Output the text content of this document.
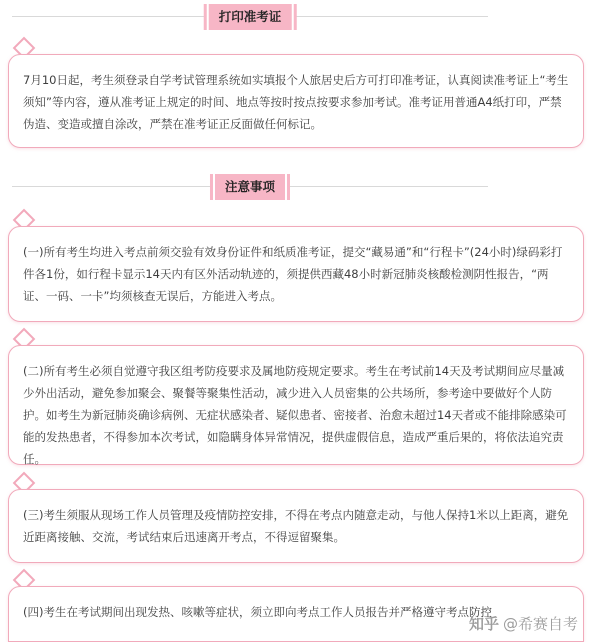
打印准考证
7月10日起，考生须登录自学考试管理系统如实填报个人旅居史后方可打印准考证，认真阅读准考证上“考生须知”等内容，遵从准考证上规定的时间、地点等按时按点按要求参加考试。准考证用普通A4纸打印，严禁伪造、变造或擅自涂改，严禁在准考证正反面做任何标记。
注意事项
(一)所有考生均进入考点前须交验有效身份证件和纸质准考证，提交“藏易通”和“行程卡”(24小时)绿码彩打件各1份，如行程卡显示14天内有区外活动轨迹的，须提供西藏48小时新冠肺炎核酸检测阴性报告，“两证、一码、一卡”均须核查无误后，方能进入考点。
(二)所有考生必须自觉遵守我区组考防疫要求及属地防疫规定要求。考生在考试前14天及考试期间应尽量减少外出活动，避免参加聚会、聚餐等聚集性活动，减少进入人员密集的公共场所，参考途中要做好个人防护。如考生为新冠肺炎确诊病例、无症状感染者、疑似患者、密接者、治愈未超过14天者或不能排除感染可能的发热患者，不得参加本次考试，如隐瞒身体异常情况，提供虚假信息，造成严重后果的，将依法追究责任。
(三)考生须服从现场工作人员管理及疫情防控安排，不得在考点内随意走动，与他人保持1米以上距离，避免近距离接触、交流，考试结束后迅速离开考点，不得逗留聚集。
(四)考生在考试期间出现发热、咳嗽等症状，须立即向考点工作人员报告并严格遵守考点防控
知乎 @希赛自考
